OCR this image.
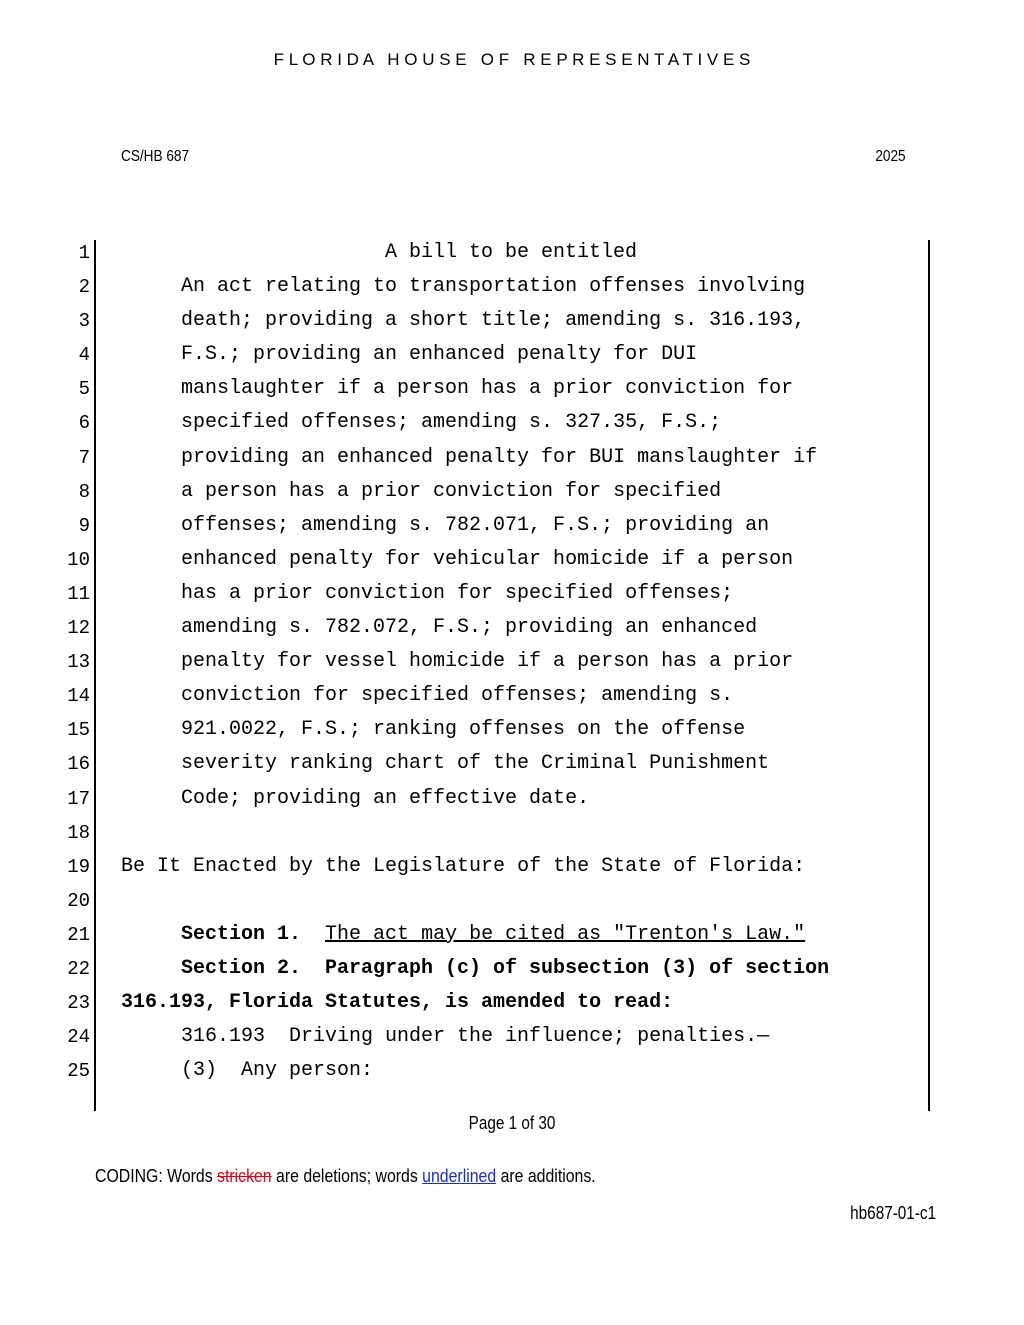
F L O R I D A   H O U S E   O F   R E P R E S E N T A T I V E S
CS/HB 687	2025
1	A bill to be entitled
2	An act relating to transportation offenses involving
3	death; providing a short title; amending s. 316.193,
4	F.S.; providing an enhanced penalty for DUI
5	manslaughter if a person has a prior conviction for
6	specified offenses; amending s. 327.35, F.S.;
7	providing an enhanced penalty for BUI manslaughter if
8	a person has a prior conviction for specified
9	offenses; amending s. 782.071, F.S.; providing an
10	enhanced penalty for vehicular homicide if a person
11	has a prior conviction for specified offenses;
12	amending s. 782.072, F.S.; providing an enhanced
13	penalty for vessel homicide if a person has a prior
14	conviction for specified offenses; amending s.
15	921.0022, F.S.; ranking offenses on the offense
16	severity ranking chart of the Criminal Punishment
17	Code; providing an effective date.
18
19 Be It Enacted by the Legislature of the State of Florida:
20
21	Section 1. The act may be cited as "Trenton's Law."
22	Section 2.  Paragraph (c) of subsection (3) of section
23 316.193, Florida Statutes, is amended to read:
24	316.193  Driving under the influence; penalties.—
25	(3)  Any person:
Page 1 of 30
CODING: Words stricken are deletions; words underlined are additions.
hb687-01-c1
